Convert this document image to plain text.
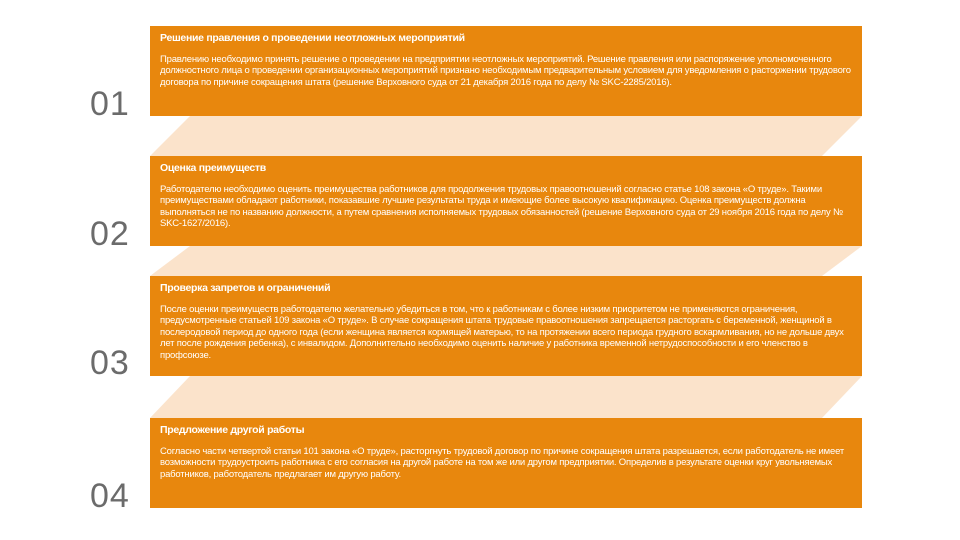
01
Решение правления о проведении неотложных мероприятий
Правлению необходимо принять решение о проведении на предприятии неотложных мероприятий. Решение правления или распоряжение уполномоченного должностного лица о проведении организационных мероприятий признано необходимым предварительным условием для уведомления о расторжении трудового договора по причине сокращения штата (решение Верховного суда от 21 декабря 2016 года по делу № SKC-2285/2016).
02
Оценка преимуществ
Работодателю необходимо оценить преимущества работников для продолжения трудовых правоотношений согласно статье 108 закона «О труде». Такими преимуществами обладают работники, показавшие лучшие результаты труда и имеющие более высокую квалификацию. Оценка преимуществ должна выполняться не по названию должности, а путем сравнения исполняемых трудовых обязанностей (решение Верховного суда от 29 ноября 2016 года по делу № SKC-1627/2016).
03
Проверка запретов и ограничений
После оценки преимуществ работодателю желательно убедиться в том, что к работникам с более низким приоритетом не применяются ограничения, предусмотренные статьей 109 закона «О труде». В случае сокращения штата трудовые правоотношения запрещается расторгать с беременной, женщиной в послеродовой период до одного года (если женщина является кормящей матерью, то на протяжении всего периода грудного вскармливания, но не дольше двух лет после рождения ребенка), с инвалидом. Дополнительно необходимо оценить наличие у работника временной нетрудоспособности и его членство в профсоюзе.
04
Предложение другой работы
Согласно части четвертой статьи 101 закона «О труде», расторгнуть трудовой договор по причине сокращения штата разрешается, если работодатель не имеет возможности трудоустроить работника с его согласия на другой работе на том же или другом предприятии. Определив в результате оценки круг увольняемых работников, работодатель предлагает им другую работу.
